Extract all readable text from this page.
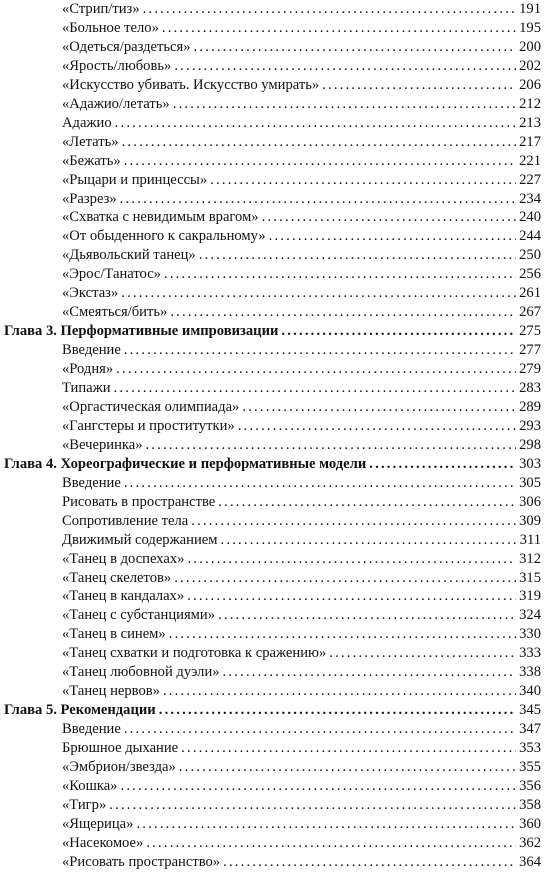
«Стрип/тиз» .....	191
«Больное тело» .....	195
«Одеться/раздеться» .....	200
«Ярость/любовь» .....	202
«Искусство убивать. Искусство умирать» .....	206
«Адажио/летать» .....	212
Адажио .....	213
«Летать» .....	217
«Бежать» .....	221
«Рыцари и принцессы» .....	227
«Разрез» .....	234
«Схватка с невидимым врагом» .....	240
«От обыденного к сакральному» .....	244
«Дьявольский танец» .....	250
«Эрос/Танатос» .....	256
«Экстаз» .....	261
«Смеяться/бить» .....	267
Глава 3. Перформативные импровизации .....	275
Введение .....	277
«Родня» .....	279
Типажи .....	283
«Оргастическая олимпиада» .....	289
«Гангстеры и проститутки» .....	293
«Вечеринка» .....	298
Глава 4. Хореографические и перформативные модели .....	303
Введение .....	305
Рисовать в пространстве .....	306
Сопротивление тела .....	309
Движимый содержанием .....	311
«Танец в доспехах» .....	312
«Танец скелетов» .....	315
«Танец в кандалах» .....	319
«Танец с субстанциями» .....	324
«Танец в синем» .....	330
«Танец схватки и подготовка к сражению» .....	333
«Танец любовной дуэли» .....	338
«Танец нервов» .....	340
Глава 5. Рекомендации .....	345
Введение .....	347
Брюшное дыхание .....	353
«Эмбрион/звезда» .....	355
«Кошка» .....	356
«Тигр» .....	358
«Ящерица» .....	360
«Насекомое» .....	362
«Рисовать пространство» .....	364
